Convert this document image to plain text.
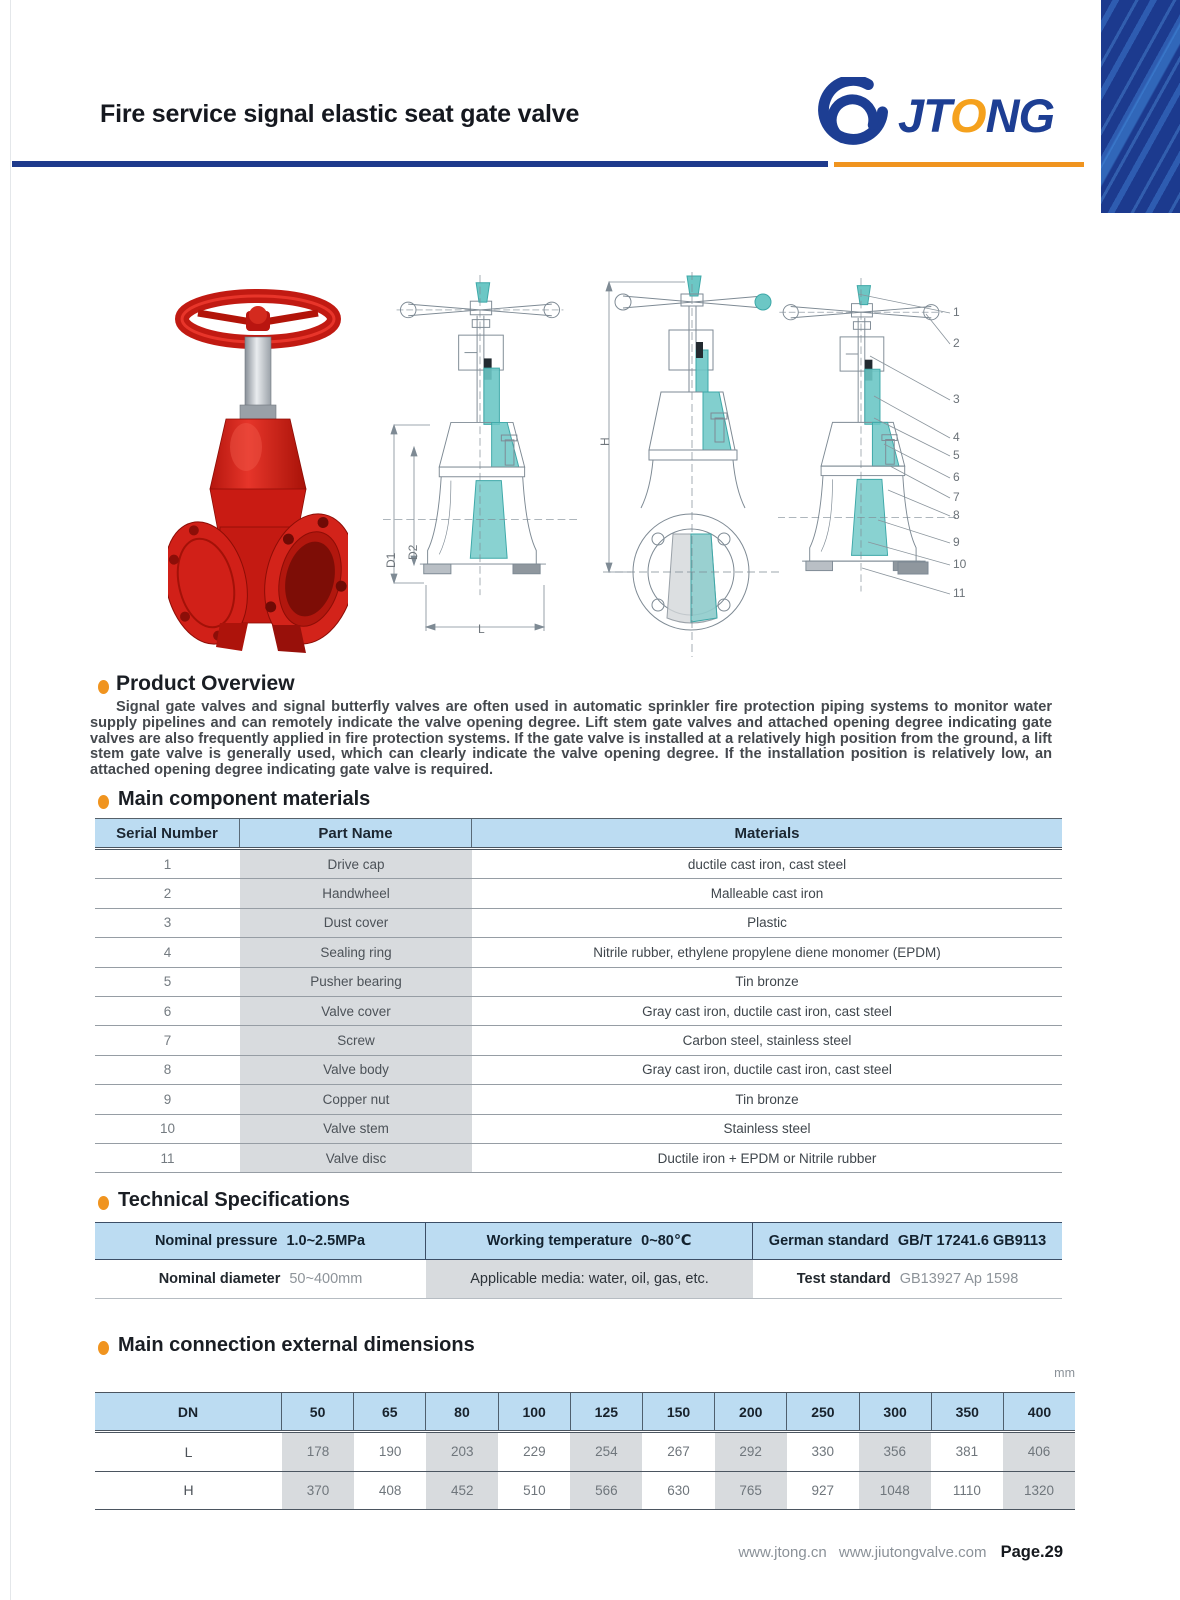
Fire service signal elastic seat gate valve	JTONG
D1
D2
L
H
1
2
3
4
5
6
7
8
9
10
11
Product Overview
Signal gate valves and signal butterfly valves are often used in automatic sprinkler fire protection piping systems to monitor water supply pipelines and can remotely indicate the valve opening degree. Lift stem gate valves and attached opening degree indicating gate valves are also frequently applied in fire protection systems. If the gate valve is installed at a relatively high position from the ground, a lift stem gate valve is generally used, which can clearly indicate the valve opening degree. If the installation position is relatively low, an attached opening degree indicating gate valve is required.
Main component materials
Serial Number	Part Name	Materials
1	Drive cap	ductile cast iron, cast steel
2	Handwheel	Malleable cast iron
3	Dust cover	Plastic
4	Sealing ring	Nitrile rubber, ethylene propylene diene monomer (EPDM)
5	Pusher bearing	Tin bronze
6	Valve cover	Gray cast iron, ductile cast iron, cast steel
7	Screw	Carbon steel, stainless steel
8	Valve body	Gray cast iron, ductile cast iron, cast steel
9	Copper nut	Tin bronze
10	Valve stem	Stainless steel
11	Valve disc	Ductile iron + EPDM or Nitrile rubber
Technical Specifications
Nominal pressure 1.0~2.5MPa	Working temperature 0~80℃	German standard GB/T 17241.6 GB9113
Nominal diameter 50~400mm	Applicable media: water, oil, gas, etc.	Test standard GB13927 Ap 1598
Main connection external dimensions
mm
DN	50	65	80	100	125	150	200	250	300	350	400
L	178	190	203	229	254	267	292	330	356	381	406
H	370	408	452	510	566	630	765	927	1048	1110	1320
www.jtong.cn www.jiutongvalve.com Page.29
